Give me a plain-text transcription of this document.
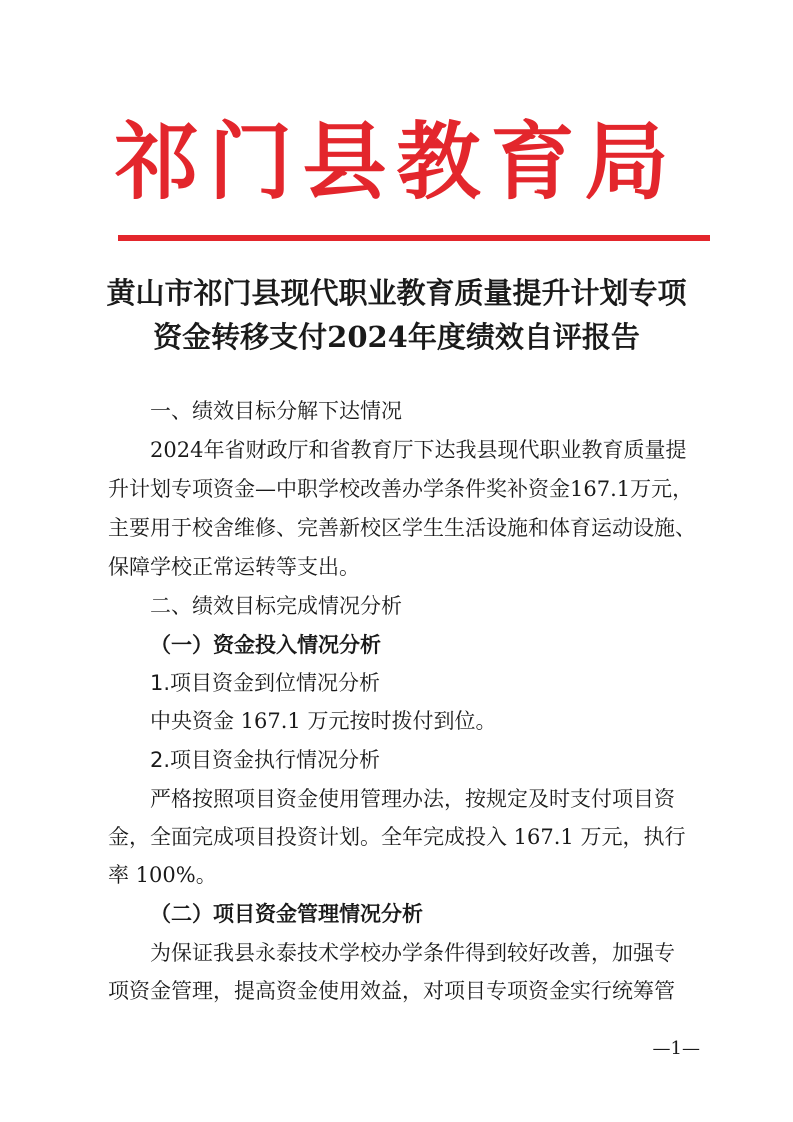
祁门县教育局
黄山市祁门县现代职业教育质量提升计划专项
资金转移支付2024年度绩效自评报告
一、绩效目标分解下达情况
2024年省财政厅和省教育厅下达我县现代职业教育质量提
升计划专项资金—中职学校改善办学条件奖补资金167.1万元，
主要用于校舍维修、完善新校区学生生活设施和体育运动设施、
保障学校正常运转等支出。
二、绩效目标完成情况分析
（一）资金投入情况分析
1.项目资金到位情况分析
中央资金 167.1 万元按时拨付到位。
2.项目资金执行情况分析
严格按照项目资金使用管理办法，按规定及时支付项目资
金，全面完成项目投资计划。全年完成投入 167.1 万元，执行
率 100%。
（二）项目资金管理情况分析
为保证我县永泰技术学校办学条件得到较好改善，加强专
项资金管理，提高资金使用效益，对项目专项资金实行统筹管
—1—
